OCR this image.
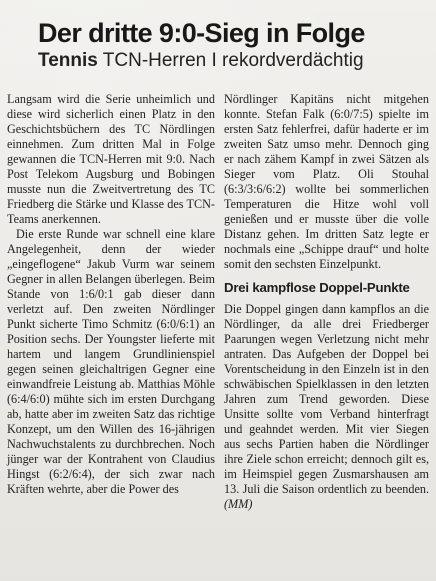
Der dritte 9:0-Sieg in Folge
Tennis TCN-Herren I rekordverdächtig

Langsam wird die Serie unheimlich und diese wird sicherlich einen Platz in den Geschichtsbüchern des TC Nördlingen einnehmen. Zum dritten Mal in Folge gewannen die TCN-Herren mit 9:0. Nach Post Telekom Augsburg und Bobingen musste nun die Zweitvertretung des TC Friedberg die Stärke und Klasse des TCN-Teams anerkennen.

Die erste Runde war schnell eine klare Angelegenheit, denn der wieder „eingeflogene“ Jakub Vurm war seinem Gegner in allen Belangen überlegen. Beim Stande von 1:6/0:1 gab dieser dann verletzt auf. Den zweiten Nördlinger Punkt sicherte Timo Schmitz (6:0/6:1) an Position sechs. Der Youngster lieferte mit hartem und langem Grundlinienspiel gegen seinen gleichaltrigen Gegner eine einwandfreie Leistung ab. Matthias Möhle (6:4/6:0) mühte sich im ersten Durchgang ab, hatte aber im zweiten Satz das richtige Konzept, um den Willen des 16-jährigen Nachwuchstalents zu durchbrechen. Noch jünger war der Kontrahent von Claudius Hingst (6:2/6:4), der sich zwar nach Kräften wehrte, aber die Power des

Nördlinger Kapitäns nicht mitgehen konnte. Stefan Falk (6:0/7:5) spielte im ersten Satz fehlerfrei, dafür haderte er im zweiten Satz umso mehr. Dennoch ging er nach zähem Kampf in zwei Sätzen als Sieger vom Platz. Oli Stouhal (6:3/3:6/6:2) wollte bei sommerlichen Temperaturen die Hitze wohl voll genießen und er musste über die volle Distanz gehen. Im dritten Satz legte er nochmals eine „Schippe drauf“ und holte somit den sechsten Einzelpunkt.

Drei kampflose Doppel-Punkte

Die Doppel gingen dann kampflos an die Nördlinger, da alle drei Friedberger Paarungen wegen Verletzung nicht mehr antraten. Das Aufgeben der Doppel bei Vorentscheidung in den Einzeln ist in den schwäbischen Spielklassen in den letzten Jahren zum Trend geworden. Diese Unsitte sollte vom Verband hinterfragt und geahndet werden. Mit vier Siegen aus sechs Partien haben die Nördlinger ihre Ziele schon erreicht; dennoch gilt es, im Heimspiel gegen Zusmarshausen am 13. Juli die Saison ordentlich zu beenden. (MM)
